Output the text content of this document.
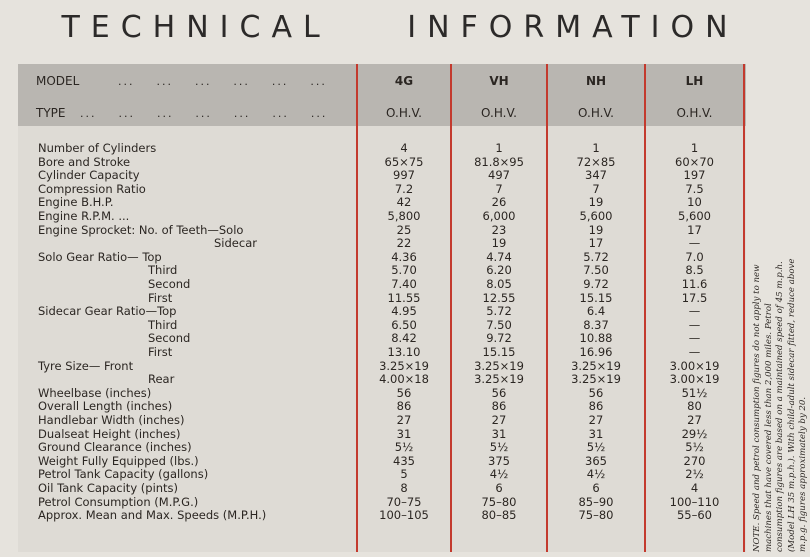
TECHNICAL	INFORMATION
MODEL	...    ...    ...    ...    ...    ...	4G	VH	NH	LH
TYPE ...    ...    ...    ...    ...    ...    ...	O.H.V.	O.H.V.	O.H.V.	O.H.V.
Number of Cylinders	4	1	1	1
Bore and Stroke	65×75	81.8×95	72×85	60×70
Cylinder Capacity	997	497	347	197
Compression Ratio	7.2	7	7	7.5
Engine B.H.P.	42	26	19	10
Engine R.P.M. ...	5,800	6,000	5,600	5,600
Engine Sprocket: No. of Teeth—Solo	25	23	19	17
Sidecar	22	19	17	—
Solo Gear Ratio— Top	4.36	4.74	5.72	7.0
Third	5.70	6.20	7.50	8.5
Second	7.40	8.05	9.72	11.6
First	11.55	12.55	15.15	17.5
Sidecar Gear Ratio—Top	4.95	5.72	6.4	—
Third	6.50	7.50	8.37	—
Second	8.42	9.72	10.88	—
First	13.10	15.15	16.96	—
Tyre Size— Front	3.25×19	3.25×19	3.25×19	3.00×19
Rear	4.00×18	3.25×19	3.25×19	3.00×19
Wheelbase (inches)	56	56	56	51½
Overall Length (inches)	86	86	86	80
Handlebar Width (inches)	27	27	27	27
Dualseat Height (inches)	31	31	31	29½
Ground Clearance (inches)	5½	5½	5½	5½
Weight Fully Equipped (lbs.)	435	375	365	270
Petrol Tank Capacity (gallons)	5	4½	4½	2½
Oil Tank Capacity (pints)	8	6	6	4
Petrol Consumption (M.P.G.)	70–75	75–80	85–90	100–110
Approx. Mean and Max. Speeds (M.P.H.)	100–105	80–85	75–80	55–60	NOTE. Speed and petrol consumption figures do not apply to new machines that have covered less than 2,000 miles. Petrol consumption figures are based on a maintained speed of 45 m.p.h. (Model LH 35 m.p.h.). With child-adult sidecar fitted, reduce above m.p.g. figures approximately by 20.
